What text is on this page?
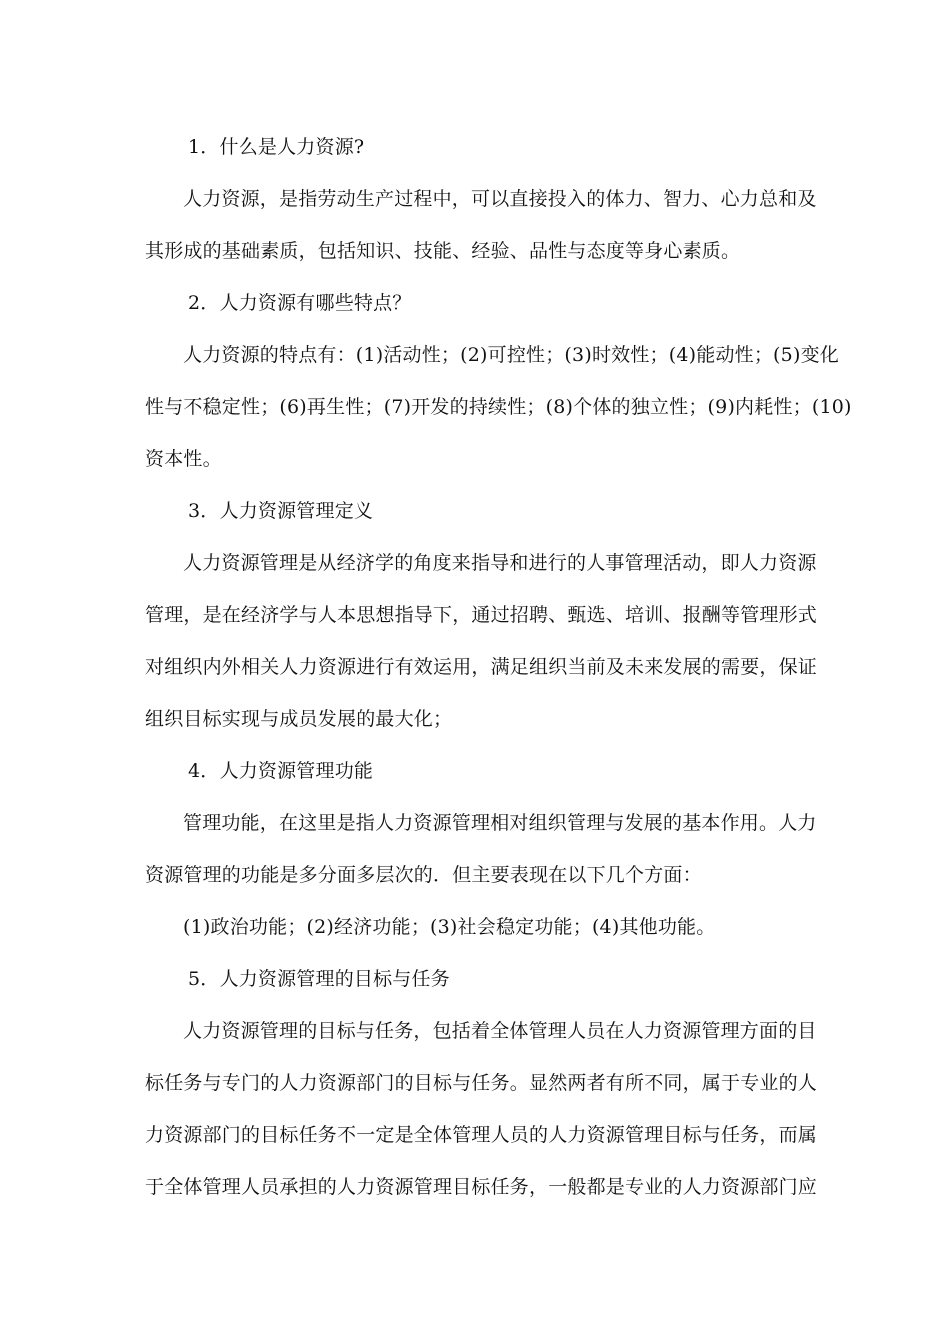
1．什么是人力资源?
人力资源，是指劳动生产过程中，可以直接投入的体力、智力、心力总和及
其形成的基础素质，包括知识、技能、经验、品性与态度等身心素质。
2．人力资源有哪些特点？
人力资源的特点有：(1)活动性；(2)可控性；(3)时效性；(4)能动性；(5)变化
性与不稳定性；(6)再生性；(7)开发的持续性；(8)个体的独立性；(9)内耗性；(10)
资本性。
3．人力资源管理定义
人力资源管理是从经济学的角度来指导和进行的人事管理活动，即人力资源
管理，是在经济学与人本思想指导下，通过招聘、甄选、培训、报酬等管理形式
对组织内外相关人力资源进行有效运用，满足组织当前及未来发展的需要，保证
组织目标实现与成员发展的最大化；
4．人力资源管理功能
管理功能，在这里是指人力资源管理相对组织管理与发展的基本作用。人力
资源管理的功能是多分面多层次的．但主要表现在以下几个方面：
(1)政治功能；(2)经济功能；(3)社会稳定功能；(4)其他功能。
5．人力资源管理的目标与任务
人力资源管理的目标与任务，包括着全体管理人员在人力资源管理方面的目
标任务与专门的人力资源部门的目标与任务。显然两者有所不同，属于专业的人
力资源部门的目标任务不一定是全体管理人员的人力资源管理目标与任务，而属
于全体管理人员承担的人力资源管理目标任务，一般都是专业的人力资源部门应
